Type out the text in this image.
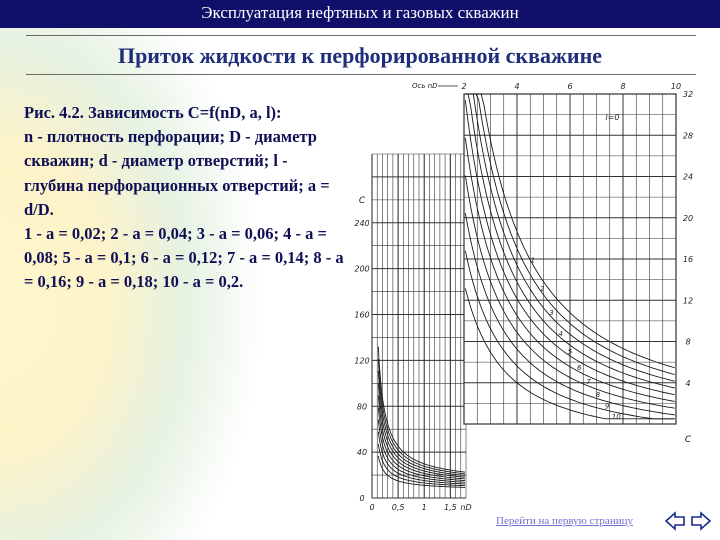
Эксплуатация нефтяных и газовых скважин
Приток жидкости к перфорированной скважине
Рис. 4.2. Зависимость C=f(nD, a, l):
n - плотность перфорации; D - диаметр скважин; d - диаметр отверстий; l - глубина перфорационных отверстий; a = d/D.
1 - a = 0,02; 2 - a = 0,04; 3 - a = 0,06; 4 - a = 0,08; 5 - a = 0,1; 6 - a = 0,12; 7 - a = 0,14; 8 - a = 0,16; 9 - a = 0,18; 10 - a = 0,2.
0
40
80
120
160
200
240
0 0,5 1 1,5 nD
C
2	4	6	8	10
4
8
12
16
20
24
28
32
Ocь nD
C
l=0
1
2
3
4
5
6
7
8
9
10
Перейти на первую страницу
